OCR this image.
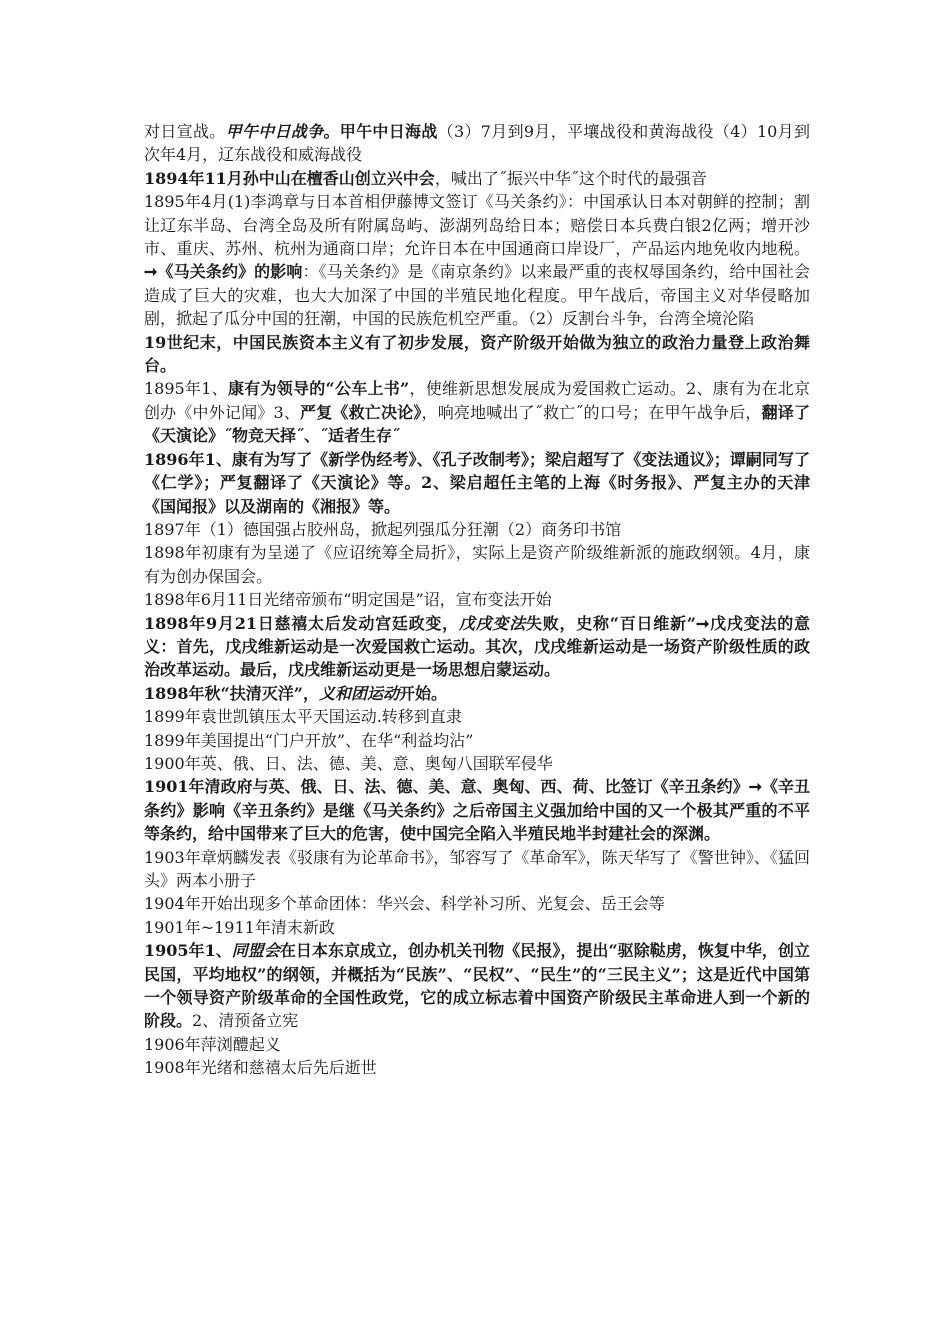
对日宣战。甲午中日战争。甲午中日海战（3）7月到9月，平壤战役和黄海战役（4）10月到次年4月，辽东战役和威海战役

1894年11月孙中山在檀香山创立兴中会，喊出了˝振兴中华˝这个时代的最强音

1895年4月(1)李鸿章与日本首相伊藤博文签订《马关条约》：中国承认日本对朝鲜的控制；割让辽东半岛、台湾全岛及所有附属岛屿、澎湖列岛给日本；赔偿日本兵费白银2亿两；增开沙市、重庆、苏州、杭州为通商口岸；允许日本在中国通商口岸设厂，产品运内地免收内地税。➞《马关条约》的影响：《马关条约》是《南京条约》以来最严重的丧权辱国条约，给中国社会造成了巨大的灾难，也大大加深了中国的半殖民地化程度。甲午战后，帝国主义对华侵略加剧，掀起了瓜分中国的狂潮，中国的民族危机空严重。（2）反割台斗争，台湾全境沦陷

19世纪末，中国民族资本主义有了初步发展，资产阶级开始做为独立的政治力量登上政治舞台。

1895年1、康有为领导的“公车上书”，使维新思想发展成为爱国救亡运动。2、康有为在北京创办《中外记闻》3、严复《救亡决论》，响亮地喊出了˝救亡˝的口号；在甲午战争后，翻译了《天演论》˝物竞天择˝、˝适者生存˝

1896年1、康有为写了《新学伪经考》、《孔子改制考》；梁启超写了《变法通议》；谭嗣同写了《仁学》；严复翻译了《天演论》等。2、梁启超任主笔的上海《时务报》、严复主办的天津《国闻报》以及湖南的《湘报》等。

1897年（1）德国强占胶州岛，掀起列强瓜分狂潮（2）商务印书馆

1898年初康有为呈递了《应诏统筹全局折》，实际上是资产阶级维新派的施政纲领。4月，康有为创办保国会。

1898年6月11日光绪帝颁布“明定国是”诏，宣布变法开始

1898年9月21日慈禧太后发动宫廷政变，戊戌变法失败，史称“百日维新”➞戊戌变法的意义：首先，戊戌维新运动是一次爱国救亡运动。其次，戊戌维新运动是一场资产阶级性质的政治改革运动。最后，戊戌维新运动更是一场思想启蒙运动。

1898年秋“扶清灭洋”，义和团运动开始。

1899年袁世凯镇压太平天国运动.转移到直隶

1899年美国提出“门户开放”、在华“利益均沾”

1900年英、俄、日、法、德、美、意、奥匈八国联军侵华

1901年清政府与英、俄、日、法、德、美、意、奥匈、西、荷、比签订《辛丑条约》➞《辛丑条约》影响《辛丑条约》是继《马关条约》之后帝国主义强加给中国的又一个极其严重的不平等条约，给中国带来了巨大的危害，使中国完全陷入半殖民地半封建社会的深渊。

1903年章炳麟发表《驳康有为论革命书》，邹容写了《革命军》，陈天华写了《警世钟》、《猛回头》两本小册子

1904年开始出现多个革命团体：华兴会、科学补习所、光复会、岳王会等

1901年~1911年清末新政

1905年1、同盟会在日本东京成立，创办机关刊物《民报》，提出“驱除鞑虏，恢复中华，创立民国，平均地权”的纲领，并概括为“民族”、“民权”、“民生”的“三民主义”；这是近代中国第一个领导资产阶级革命的全国性政党，它的成立标志着中国资产阶级民主革命进人到一个新的阶段。2、清预备立宪

1906年萍浏醴起义

1908年光绪和慈禧太后先后逝世
